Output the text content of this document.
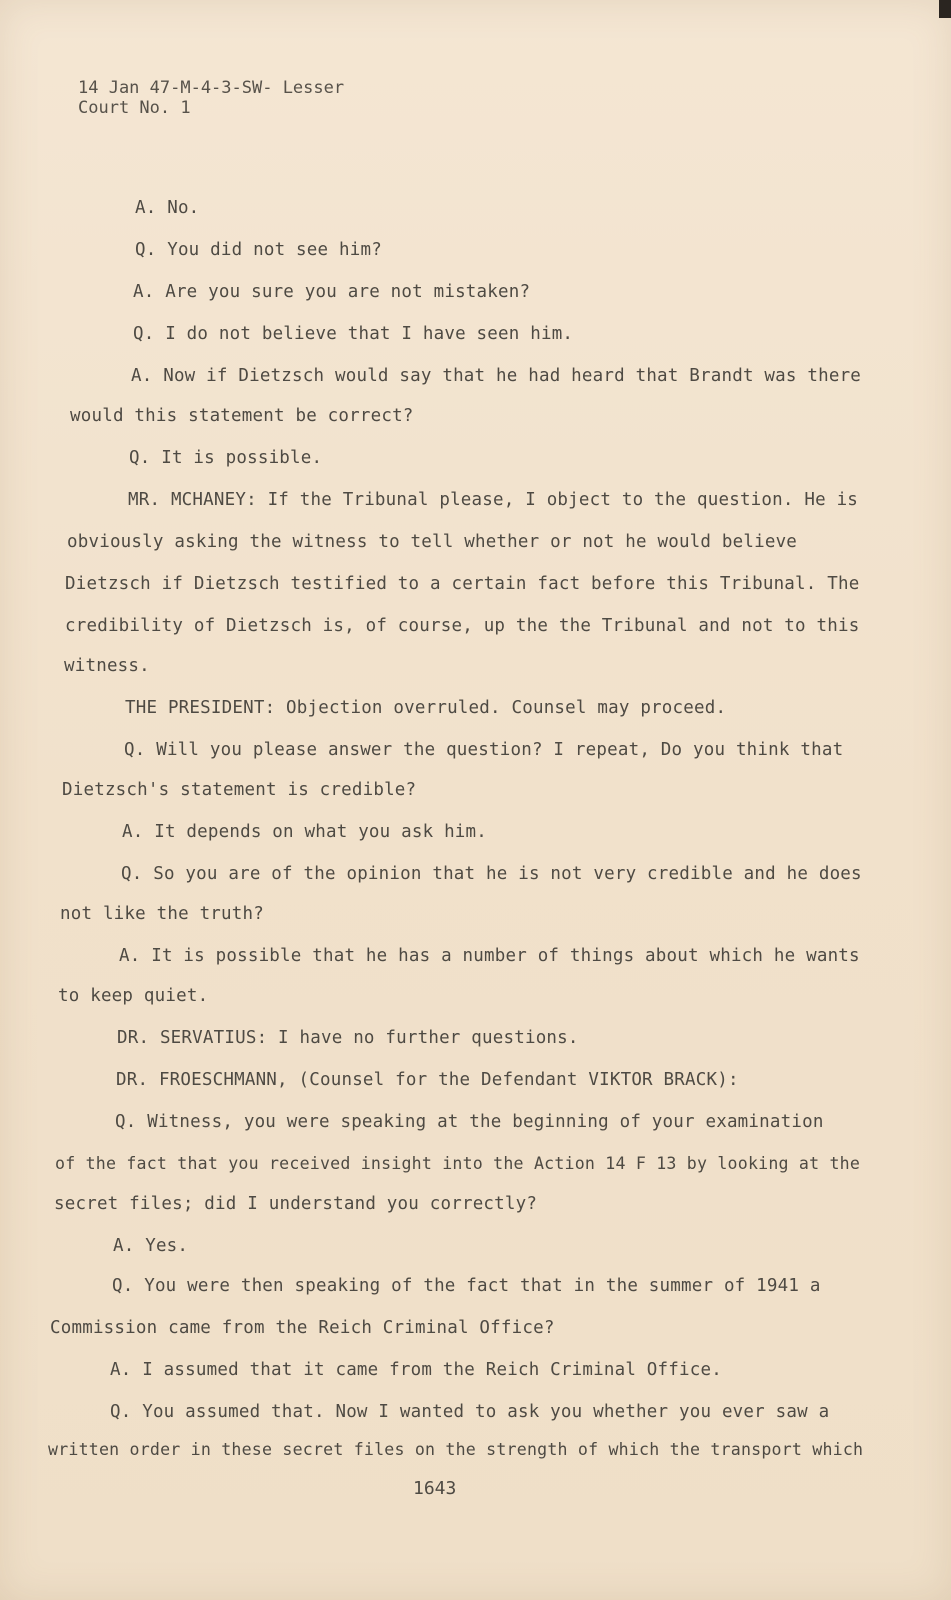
14 Jan 47-M-4-3-SW- Lesser
Court No. 1
A. No.
Q. You did not see him?
A. Are you sure you are not mistaken?
Q. I do not believe that I have seen him.
A. Now if Dietzsch would say that he had heard that Brandt was there
would this statement be correct?
Q. It is possible.
MR. MCHANEY: If the Tribunal please, I object to the question. He is
obviously asking the witness to tell whether or not he would believe
Dietzsch if Dietzsch testified to a certain fact before this Tribunal. The
credibility of Dietzsch is, of course, up the the Tribunal and not to this
witness.
THE PRESIDENT: Objection overruled. Counsel may proceed.
Q. Will you please answer the question? I repeat, Do you think that
Dietzsch's statement is credible?
A. It depends on what you ask him.
Q. So you are of the opinion that he is not very credible and he does
not like the truth?
A. It is possible that he has a number of things about which he wants
to keep quiet.
DR. SERVATIUS: I have no further questions.
DR. FROESCHMANN, (Counsel for the Defendant VIKTOR BRACK):
Q. Witness, you were speaking at the beginning of your examination
of the fact that you received insight into the Action 14 F 13 by looking at the
secret files; did I understand you correctly?
A. Yes.
Q. You were then speaking of the fact that in the summer of 1941 a
Commission came from the Reich Criminal Office?
A. I assumed that it came from the Reich Criminal Office.
Q. You assumed that. Now I wanted to ask you whether you ever saw a
written order in these secret files on the strength of which the transport which
1643
